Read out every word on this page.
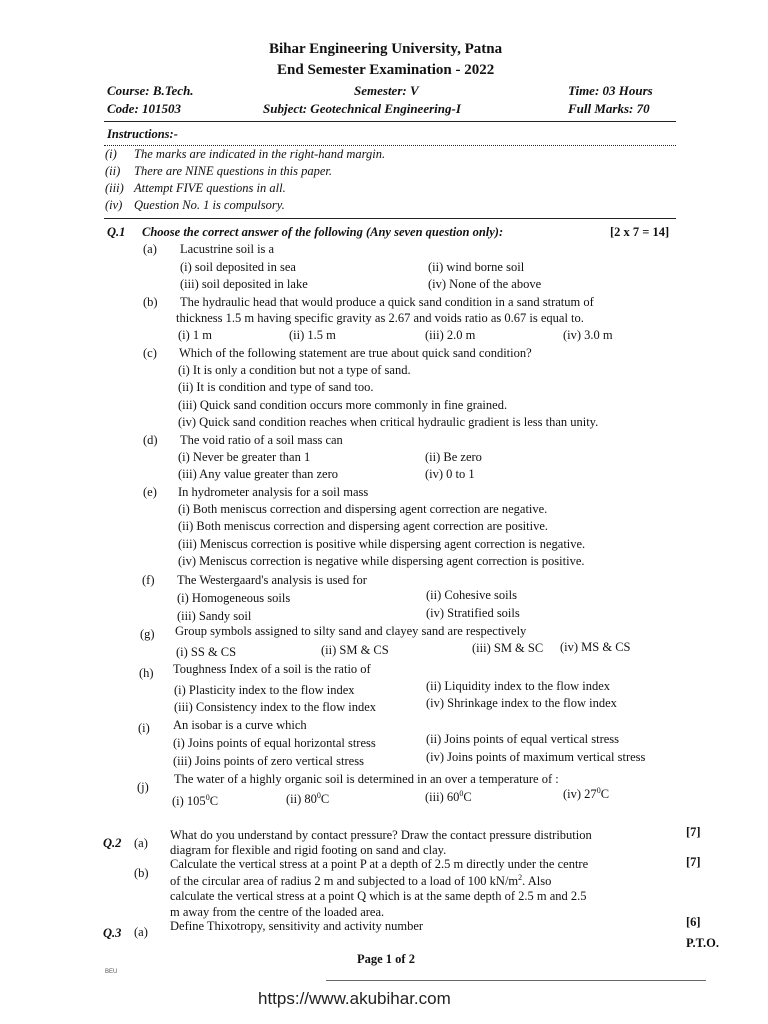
Bihar Engineering University, Patna
End Semester Examination - 2022
Course: B.Tech.	Semester: V	Time: 03 Hours
Code: 101503	Subject: Geotechnical Engineering-I	Full Marks: 70
Instructions:-
(i) The marks are indicated in the right-hand margin.
(ii) There are NINE questions in this paper.
(iii) Attempt FIVE questions in all.
(iv) Question No. 1 is compulsory.
Q.1 Choose the correct answer of the following (Any seven question only):	[2 x 7 = 14]
(a) Lacustrine soil is a
(i) soil deposited in sea	(ii) wind borne soil
(iii) soil deposited in lake	(iv) None of the above
(b) The hydraulic head that would produce a quick sand condition in a sand stratum of
thickness 1.5 m having specific gravity as 2.67 and voids ratio as 0.67 is equal to.
(i) 1 m	(ii) 1.5 m	(iii) 2.0 m	(iv) 3.0 m
(c) Which of the following statement are true about quick sand condition?
(i) It is only a condition but not a type of sand.
(ii) It is condition and type of sand too.
(iii) Quick sand condition occurs more commonly in fine grained.
(iv) Quick sand condition reaches when critical hydraulic gradient is less than unity.
(d) The void ratio of a soil mass can
(i) Never be greater than 1	(ii) Be zero
(iii) Any value greater than zero	(iv) 0 to 1
(e) In hydrometer analysis for a soil mass
(i) Both meniscus correction and dispersing agent correction are negative.
(ii) Both meniscus correction and dispersing agent correction are positive.
(iii) Meniscus correction is positive while dispersing agent correction is negative.
(iv) Meniscus correction is negative while dispersing agent correction is positive.
(f) The Westergaard's analysis is used for
(i) Homogeneous soils	(ii) Cohesive soils
(iii) Sandy soil	(iv) Stratified soils
(g) Group symbols assigned to silty sand and clayey sand are respectively
(i) SS & CS	(ii) SM & CS	(iii) SM & SC (iv) MS & CS
(h) Toughness Index of a soil is the ratio of
(i) Plasticity index to the flow index	(ii) Liquidity index to the flow index
(iii) Consistency index to the flow index	(iv) Shrinkage index to the flow index
(i) An isobar is a curve which
(i) Joins points of equal horizontal stress	(ii) Joins points of equal vertical stress
(iii) Joins points of zero vertical stress	(iv) Joins points of maximum vertical stress
(j)
The water of a highly organic soil is determined in an over a temperature of :
(i) $105^0C$	(ii) $80^0C$	(iii) $60^0C$	(iv) $27^0C$
Q.2 (a)
What do you understand by contact pressure? Draw the contact pressure distribution
diagram for flexible and rigid footing on sand and clay.
[7]
(b)
Calculate the vertical stress at a point P at a depth of 2.5 m directly under the centre
of the circular area of radius 2 m and subjected to a load of 100 $kN/m^2$. Also
calculate the vertical stress at a point Q which is at the same depth of 2.5 m and 2.5
m away from the centre of the loaded area.
[7]
Q.3 (a) Define Thixotropy, sensitivity and activity number	[6]
P.T.O.
Page 1 of 2
BEU
https://www.akubihar.com
